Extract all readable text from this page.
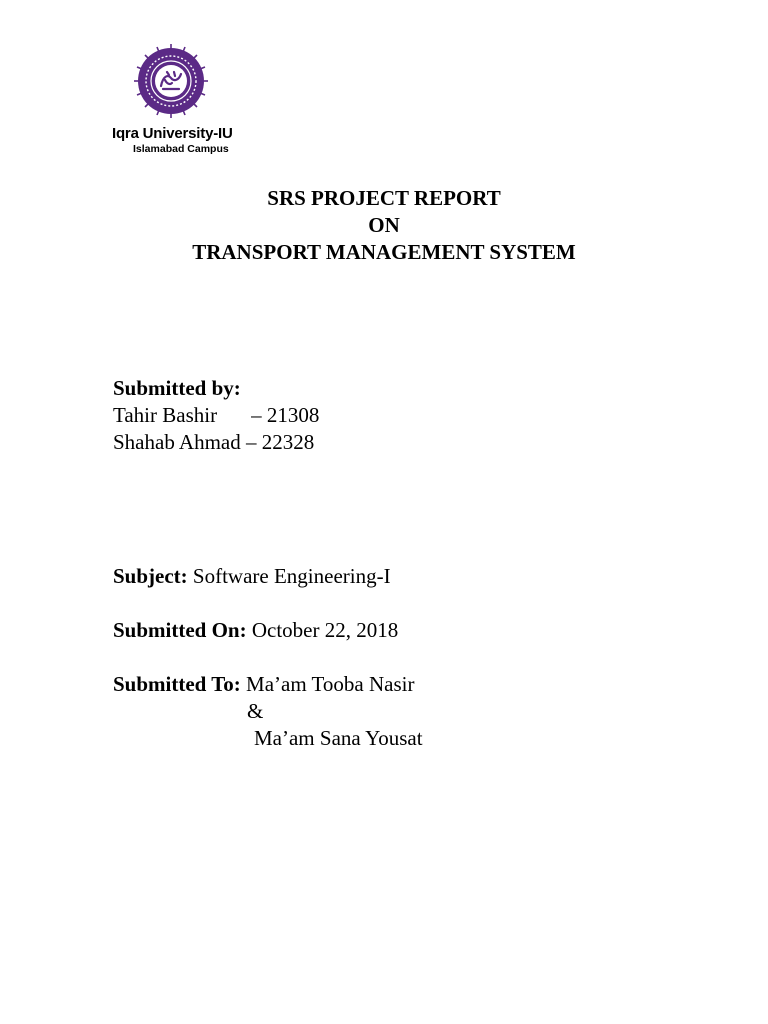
Iqra University-IU
Islamabad Campus
SRS PROJECT REPORT
ON
TRANSPORT MANAGEMENT SYSTEM
Submitted by:
Tahir Bashir – 21308
Shahab Ahmad – 22328
Subject: Software Engineering-I
Submitted On: October 22, 2018
Submitted To: Ma’am Tooba Nasir
&
Ma’am Sana Yousat
